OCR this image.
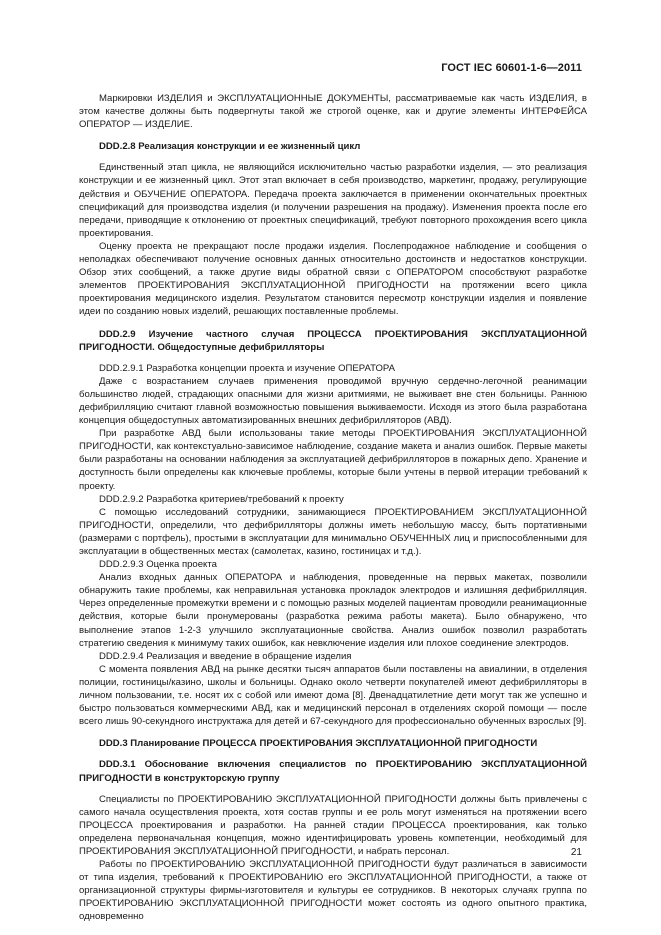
ГОСТ IEC 60601-1-6—2011

Маркировки ИЗДЕЛИЯ и ЭКСПЛУАТАЦИОННЫЕ ДОКУМЕНТЫ, рассматриваемые как часть ИЗДЕЛИЯ, в этом качестве должны быть подвергнуты такой же строгой оценке, как и другие элементы ИНТЕРФЕЙСА ОПЕРАТОР — ИЗДЕЛИЕ.

DDD.2.8 Реализация конструкции и ее жизненный цикл

Единственный этап цикла, не являющийся исключительно частью разработки изделия, — это реализация конструкции и ее жизненный цикл. Этот этап включает в себя производство, маркетинг, продажу, регулирующие действия и ОБУЧЕНИЕ ОПЕРАТОРА. Передача проекта заключается в применении окончательных проектных спецификаций для производства изделия (и получении разрешения на продажу). Изменения проекта после его передачи, приводящие к отклонению от проектных спецификаций, требуют повторного прохождения всего цикла проектирования.

Оценку проекта не прекращают после продажи изделия. Послепродажное наблюдение и сообщения о неполадках обеспечивают получение основных данных относительно достоинств и недостатков конструкции. Обзор этих сообщений, а также другие виды обратной связи с ОПЕРАТОРОМ способствуют разработке элементов ПРОЕКТИРОВАНИЯ ЭКСПЛУАТАЦИОННОЙ ПРИГОДНОСТИ на протяжении всего цикла проектирования медицинского изделия. Результатом становится пересмотр конструкции изделия и появление идеи по созданию новых изделий, решающих поставленные проблемы.

DDD.2.9 Изучение частного случая ПРОЦЕССА ПРОЕКТИРОВАНИЯ ЭКСПЛУАТАЦИОННОЙ ПРИГОДНОСТИ. Общедоступные дефибрилляторы

DDD.2.9.1 Разработка концепции проекта и изучение ОПЕРАТОРА

Даже с возрастанием случаев применения проводимой вручную сердечно-легочной реанимации большинство людей, страдающих опасными для жизни аритмиями, не выживает вне стен больницы. Раннюю дефибрилляцию считают главной возможностью повышения выживаемости. Исходя из этого была разработана концепция общедоступных автоматизированных внешних дефибрилляторов (АВД).

При разработке АВД были использованы такие методы ПРОЕКТИРОВАНИЯ ЭКСПЛУАТАЦИОННОЙ ПРИГОДНОСТИ, как контекстуально-зависимое наблюдение, создание макета и анализ ошибок. Первые макеты были разработаны на основании наблюдения за эксплуатацией дефибрилляторов в пожарных депо. Хранение и доступность были определены как ключевые проблемы, которые были учтены в первой итерации требований к проекту.

DDD.2.9.2 Разработка критериев/требований к проекту

С помощью исследований сотрудники, занимающиеся ПРОЕКТИРОВАНИЕМ ЭКСПЛУАТАЦИОННОЙ ПРИГОДНОСТИ, определили, что дефибрилляторы должны иметь небольшую массу, быть портативными (размерами с портфель), простыми в эксплуатации для минимально ОБУЧЕННЫХ лиц и приспособленными для эксплуатации в общественных местах (самолетах, казино, гостиницах и т.д.).

DDD.2.9.3 Оценка проекта

Анализ входных данных ОПЕРАТОРА и наблюдения, проведенные на первых макетах, позволили обнаружить такие проблемы, как неправильная установка прокладок электродов и излишняя дефибрилляция. Через определенные промежутки времени и с помощью разных моделей пациентам проводили реанимационные действия, которые были пронумерованы (разработка режима работы макета). Было обнаружено, что выполнение этапов 1-2-3 улучшило эксплуатационные свойства. Анализ ошибок позволил разработать стратегию сведения к минимуму таких ошибок, как невключение изделия или плохое соединение электродов.

DDD.2.9.4 Реализация и введение в обращение изделия

С момента появления АВД на рынке десятки тысяч аппаратов были поставлены на авиалинии, в отделения полиции, гостиницы/казино, школы и больницы. Однако около четверти покупателей имеют дефибрилляторы в личном пользовании, т.е. носят их с собой или имеют дома [8]. Двенадцатилетние дети могут так же успешно и быстро пользоваться коммерческими АВД, как и медицинский персонал в отделениях скорой помощи — после всего лишь 90-секундного инструктажа для детей и 67-секундного для профессионально обученных взрослых [9].

DDD.3 Планирование ПРОЦЕССА ПРОЕКТИРОВАНИЯ ЭКСПЛУАТАЦИОННОЙ ПРИГОДНОСТИ
DDD.3.1 Обоснование включения специалистов по ПРОЕКТИРОВАНИЮ ЭКСПЛУАТАЦИОННОЙ ПРИГОДНОСТИ в конструкторскую группу

Специалисты по ПРОЕКТИРОВАНИЮ ЭКСПЛУАТАЦИОННОЙ ПРИГОДНОСТИ должны быть привлечены с самого начала осуществления проекта, хотя состав группы и ее роль могут изменяться на протяжении всего ПРОЦЕССА проектирования и разработки. На ранней стадии ПРОЦЕССА проектирования, как только определена первоначальная концепция, можно идентифицировать уровень компетенции, необходимый для ПРОЕКТИРОВАНИЯ ЭКСПЛУАТАЦИОННОЙ ПРИГОДНОСТИ, и набрать персонал.

Работы по ПРОЕКТИРОВАНИЮ ЭКСПЛУАТАЦИОННОЙ ПРИГОДНОСТИ будут различаться в зависимости от типа изделия, требований к ПРОЕКТИРОВАНИЮ его ЭКСПЛУАТАЦИОННОЙ ПРИГОДНОСТИ, а также от организационной структуры фирмы-изготовителя и культуры ее сотрудников. В некоторых случаях группа по ПРОЕКТИРОВАНИЮ ЭКСПЛУАТАЦИОННОЙ ПРИГОДНОСТИ может состоять из одного опытного практика, одновременно

21
